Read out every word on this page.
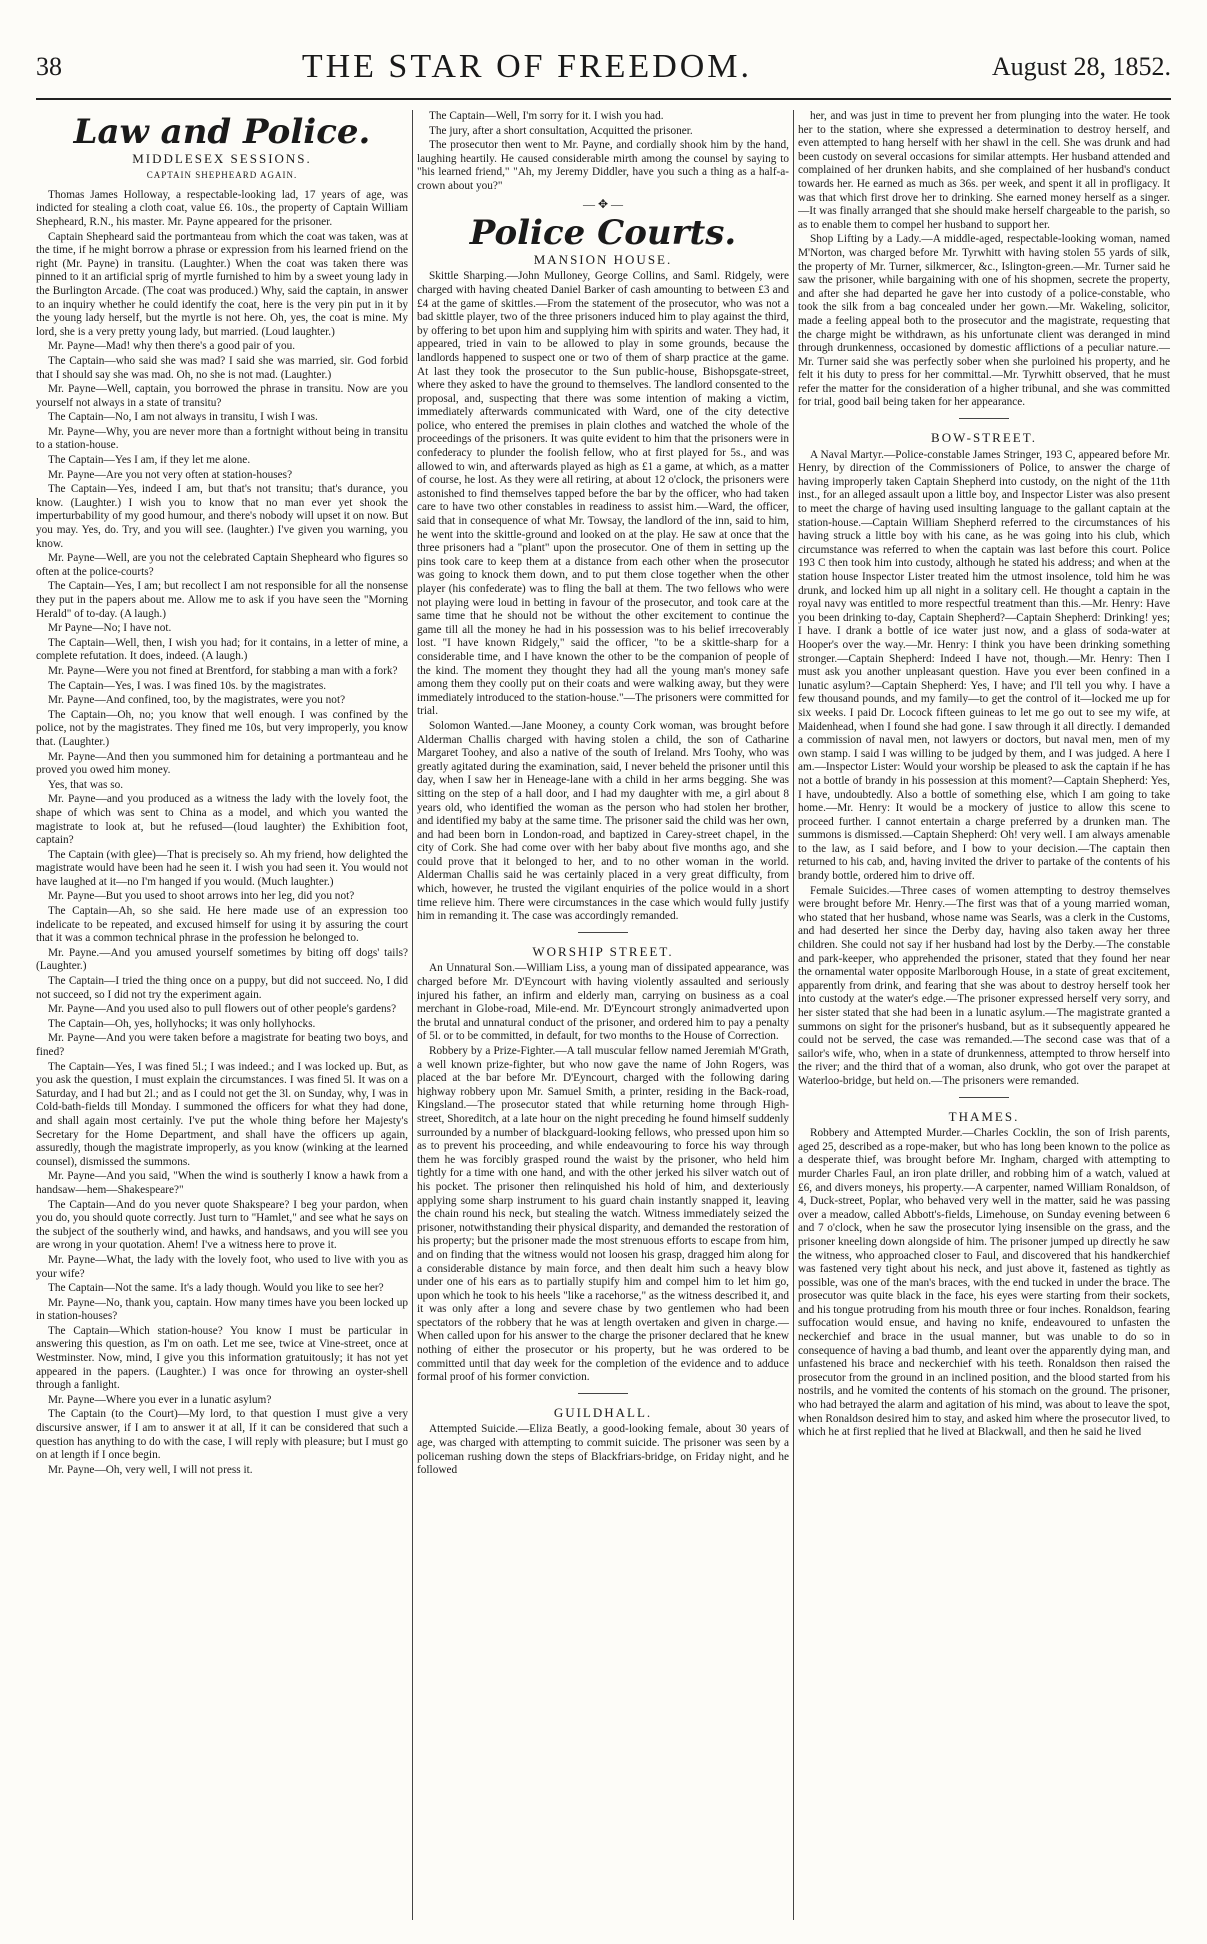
38	THE STAR OF FREEDOM.	August 28, 1852.
Law and Police.
MIDDLESEX SESSIONS.
CAPTAIN SHEPHEARD AGAIN.

Thomas James Holloway, a respectable-looking lad, 17 years of age, was indicted for stealing a cloth coat, value £6. 10s., the property of Captain William Shepheard, R.N., his master. Mr. Payne appeared for the prisoner.

Captain Shepheard said the portmanteau from which the coat was taken, was at the time, if he might borrow a phrase or expression from his learned friend on the right (Mr. Payne) in transitu. (Laughter.) When the coat was taken there was pinned to it an artificial sprig of myrtle furnished to him by a sweet young lady in the Burlington Arcade. (The coat was produced.) Why, said the captain, in answer to an inquiry whether he could identify the coat, here is the very pin put in it by the young lady herself, but the myrtle is not here. Oh, yes, the coat is mine. My lord, she is a very pretty young lady, but married. (Loud laughter.)

Mr. Payne—Mad! why then there's a good pair of you.

The Captain—who said she was mad? I said she was married, sir. God forbid that I should say she was mad. Oh, no she is not mad. (Laughter.)

Mr. Payne—Well, captain, you borrowed the phrase in transitu. Now are you yourself not always in a state of transitu?

The Captain—No, I am not always in transitu, I wish I was.

Mr. Payne—Why, you are never more than a fortnight without being in transitu to a station-house.

The Captain—Yes I am, if they let me alone.

Mr. Payne—Are you not very often at station-houses?

The Captain—Yes, indeed I am, but that's not transitu; that's durance, you know. (Laughter.) I wish you to know that no man ever yet shook the imperturbability of my good humour, and there's nobody will upset it on now. But you may. Yes, do. Try, and you will see. (laughter.) I've given you warning, you know.

Mr. Payne—Well, are you not the celebrated Captain Shepheard who figures so often at the police-courts?

The Captain—Yes, I am; but recollect I am not responsible for all the nonsense they put in the papers about me. Allow me to ask if you have seen the "Morning Herald" of to-day. (A laugh.)

Mr Payne—No; I have not.

The Captain—Well, then, I wish you had; for it contains, in a letter of mine, a complete refutation. It does, indeed. (A laugh.)

Mr. Payne—Were you not fined at Brentford, for stabbing a man with a fork?

The Captain—Yes, I was. I was fined 10s. by the magistrates.

Mr. Payne—And confined, too, by the magistrates, were you not?

The Captain—Oh, no; you know that well enough. I was confined by the police, not by the magistrates. They fined me 10s, but very improperly, you know that. (Laughter.)

Mr. Payne—And then you summoned him for detaining a portmanteau and he proved you owed him money.

Yes, that was so.

Mr. Payne—and you produced as a witness the lady with the lovely foot, the shape of which was sent to China as a model, and which you wanted the magistrate to look at, but he refused—(loud laughter) the Exhibition foot, captain?

The Captain (with glee)—That is precisely so. Ah my friend, how delighted the magistrate would have been had he seen it. I wish you had seen it. You would not have laughed at it—no I'm hanged if you would. (Much laughter.)

Mr. Payne—But you used to shoot arrows into her leg, did you not?

The Captain—Ah, so she said. He here made use of an expression too indelicate to be repeated, and excused himself for using it by assuring the court that it was a common technical phrase in the profession he belonged to.

Mr. Payne.—And you amused yourself sometimes by biting off dogs' tails? (Laughter.)

The Captain—I tried the thing once on a puppy, but did not succeed. No, I did not succeed, so I did not try the experiment again.

Mr. Payne—And you used also to pull flowers out of other people's gardens?

The Captain—Oh, yes, hollyhocks; it was only hollyhocks.

Mr. Payne—And you were taken before a magistrate for beating two boys, and fined?

The Captain—Yes, I was fined 5l.; I was indeed.; and I was locked up. But, as you ask the question, I must explain the circumstances. I was fined 5l. It was on a Saturday, and I had but 2l.; and as I could not get the 3l. on Sunday, why, I was in Cold-bath-fields till Monday. I summoned the officers for what they had done, and shall again most certainly. I've put the whole thing before her Majesty's Secretary for the Home Department, and shall have the officers up again, assuredly, though the magistrate improperly, as you know (winking at the learned counsel), dismissed the summons.

Mr. Payne—And you said, "When the wind is southerly I know a hawk from a handsaw—hem—Shakespeare?"

The Captain—And do you never quote Shakspeare? I beg your pardon, when you do, you should quote correctly. Just turn to "Hamlet," and see what he says on the subject of the southerly wind, and hawks, and handsaws, and you will see you are wrong in your quotation. Ahem! I've a witness here to prove it.

Mr. Payne—What, the lady with the lovely foot, who used to live with you as your wife?

The Captain—Not the same. It's a lady though. Would you like to see her?

Mr. Payne—No, thank you, captain. How many times have you been locked up in station-houses?

The Captain—Which station-house? You know I must be particular in answering this question, as I'm on oath. Let me see, twice at Vine-street, once at Westminster. Now, mind, I give you this information gratuitously; it has not yet appeared in the papers. (Laughter.) I was once for throwing an oyster-shell through a fanlight.

Mr. Payne—Where you ever in a lunatic asylum?

The Captain (to the Court)—My lord, to that question I must give a very discursive answer, if I am to answer it at all, If it can be considered that such a question has anything to do with the case, I will reply with pleasure; but I must go on at length if I once begin.

Mr. Payne—Oh, very well, I will not press it.

The Captain—Well, I'm sorry for it. I wish you had.

The jury, after a short consultation, Acquitted the prisoner.

The prosecutor then went to Mr. Payne, and cordially shook him by the hand, laughing heartily. He caused considerable mirth among the counsel by saying to "his learned friend," "Ah, my Jeremy Diddler, have you such a thing as a half-a-crown about you?"

— ✥ —
Police Courts.
MANSION HOUSE.

Skittle Sharping.—John Mulloney, George Collins, and Saml. Ridgely, were charged with having cheated Daniel Barker of cash amounting to between £3 and £4 at the game of skittles.—From the statement of the prosecutor, who was not a bad skittle player, two of the three prisoners induced him to play against the third, by offering to bet upon him and supplying him with spirits and water. They had, it appeared, tried in vain to be allowed to play in some grounds, because the landlords happened to suspect one or two of them of sharp practice at the game. At last they took the prosecutor to the Sun public-house, Bishopsgate-street, where they asked to have the ground to themselves. The landlord consented to the proposal, and, suspecting that there was some intention of making a victim, immediately afterwards communicated with Ward, one of the city detective police, who entered the premises in plain clothes and watched the whole of the proceedings of the prisoners. It was quite evident to him that the prisoners were in confederacy to plunder the foolish fellow, who at first played for 5s., and was allowed to win, and afterwards played as high as £1 a game, at which, as a matter of course, he lost. As they were all retiring, at about 12 o'clock, the prisoners were astonished to find themselves tapped before the bar by the officer, who had taken care to have two other constables in readiness to assist him.—Ward, the officer, said that in consequence of what Mr. Towsay, the landlord of the inn, said to him, he went into the skittle-ground and looked on at the play. He saw at once that the three prisoners had a "plant" upon the prosecutor. One of them in setting up the pins took care to keep them at a distance from each other when the prosecutor was going to knock them down, and to put them close together when the other player (his confederate) was to fling the ball at them. The two fellows who were not playing were loud in betting in favour of the prosecutor, and took care at the same time that he should not be without the other excitement to continue the game till all the money he had in his possession was to his belief irrecoverably lost. "I have known Ridgely," said the officer, "to be a skittle-sharp for a considerable time, and I have known the other to be the companion of people of the kind. The moment they thought they had all the young man's money safe among them they coolly put on their coats and were walking away, but they were immediately introduced to the station-house."—The prisoners were committed for trial.

Solomon Wanted.—Jane Mooney, a county Cork woman, was brought before Alderman Challis charged with having stolen a child, the son of Catharine Margaret Toohey, and also a native of the south of Ireland. Mrs Toohy, who was greatly agitated during the examination, said, I never beheld the prisoner until this day, when I saw her in Heneage-lane with a child in her arms begging. She was sitting on the step of a hall door, and I had my daughter with me, a girl about 8 years old, who identified the woman as the person who had stolen her brother, and identified my baby at the same time. The prisoner said the child was her own, and had been born in London-road, and baptized in Carey-street chapel, in the city of Cork. She had come over with her baby about five months ago, and she could prove that it belonged to her, and to no other woman in the world. Alderman Challis said he was certainly placed in a very great difficulty, from which, however, he trusted the vigilant enquiries of the police would in a short time relieve him. There were circumstances in the case which would fully justify him in remanding it. The case was accordingly remanded.

WORSHIP STREET.

An Unnatural Son.—William Liss, a young man of dissipated appearance, was charged before Mr. D'Eyncourt with having violently assaulted and seriously injured his father, an infirm and elderly man, carrying on business as a coal merchant in Globe-road, Mile-end. Mr. D'Eyncourt strongly animadverted upon the brutal and unnatural conduct of the prisoner, and ordered him to pay a penalty of 5l. or to be committed, in default, for two months to the House of Correction.

Robbery by a Prize-Fighter.—A tall muscular fellow named Jeremiah M'Grath, a well known prize-fighter, but who now gave the name of John Rogers, was placed at the bar before Mr. D'Eyncourt, charged with the following daring highway robbery upon Mr. Samuel Smith, a printer, residing in the Back-road, Kingsland.—The prosecutor stated that while returning home through High-street, Shoreditch, at a late hour on the night preceding he found himself suddenly surrounded by a number of blackguard-looking fellows, who pressed upon him so as to prevent his proceeding, and while endeavouring to force his way through them he was forcibly grasped round the waist by the prisoner, who held him tightly for a time with one hand, and with the other jerked his silver watch out of his pocket. The prisoner then relinquished his hold of him, and dexteriously applying some sharp instrument to his guard chain instantly snapped it, leaving the chain round his neck, but stealing the watch. Witness immediately seized the prisoner, notwithstanding their physical disparity, and demanded the restoration of his property; but the prisoner made the most strenuous efforts to escape from him, and on finding that the witness would not loosen his grasp, dragged him along for a considerable distance by main force, and then dealt him such a heavy blow under one of his ears as to partially stupify him and compel him to let him go, upon which he took to his heels "like a racehorse," as the witness described it, and it was only after a long and severe chase by two gentlemen who had been spectators of the robbery that he was at length overtaken and given in charge.—When called upon for his answer to the charge the prisoner declared that he knew nothing of either the prosecutor or his property, but he was ordered to be committed until that day week for the completion of the evidence and to adduce formal proof of his former conviction.

GUILDHALL.

Attempted Suicide.—Eliza Beatly, a good-looking female, about 30 years of age, was charged with attempting to commit suicide. The prisoner was seen by a policeman rushing down the steps of Blackfriars-bridge, on Friday night, and he followed

her, and was just in time to prevent her from plunging into the water. He took her to the station, where she expressed a determination to destroy herself, and even attempted to hang herself with her shawl in the cell. She was drunk and had been custody on several occasions for similar attempts. Her husband attended and complained of her drunken habits, and she complained of her husband's conduct towards her. He earned as much as 36s. per week, and spent it all in profligacy. It was that which first drove her to drinking. She earned money herself as a singer.—It was finally arranged that she should make herself chargeable to the parish, so as to enable them to compel her husband to support her.

Shop Lifting by a Lady.—A middle-aged, respectable-looking woman, named M'Norton, was charged before Mr. Tyrwhitt with having stolen 55 yards of silk, the property of Mr. Turner, silkmercer, &c., Islington-green.—Mr. Turner said he saw the prisoner, while bargaining with one of his shopmen, secrete the property, and after she had departed he gave her into custody of a police-constable, who took the silk from a bag concealed under her gown.—Mr. Wakeling, solicitor, made a feeling appeal both to the prosecutor and the magistrate, requesting that the charge might be withdrawn, as his unfortunate client was deranged in mind through drunkenness, occasioned by domestic afflictions of a peculiar nature.—Mr. Turner said she was perfectly sober when she purloined his property, and he felt it his duty to press for her committal.—Mr. Tyrwhitt observed, that he must refer the matter for the consideration of a higher tribunal, and she was committed for trial, good bail being taken for her appearance.

BOW-STREET.

A Naval Martyr.—Police-constable James Stringer, 193 C, appeared before Mr. Henry, by direction of the Commissioners of Police, to answer the charge of having improperly taken Captain Shepherd into custody, on the night of the 11th inst., for an alleged assault upon a little boy, and Inspector Lister was also present to meet the charge of having used insulting language to the gallant captain at the station-house.—Captain William Shepherd referred to the circumstances of his having struck a little boy with his cane, as he was going into his club, which circumstance was referred to when the captain was last before this court. Police 193 C then took him into custody, although he stated his address; and when at the station house Inspector Lister treated him the utmost insolence, told him he was drunk, and locked him up all night in a solitary cell. He thought a captain in the royal navy was entitled to more respectful treatment than this.—Mr. Henry: Have you been drinking to-day, Captain Shepherd?—Captain Shepherd: Drinking! yes; I have. I drank a bottle of ice water just now, and a glass of soda-water at Hooper's over the way.—Mr. Henry: I think you have been drinking something stronger.—Captain Shepherd: Indeed I have not, though.—Mr. Henry: Then I must ask you another unpleasant question. Have you ever been confined in a lunatic asylum?—Captain Shepherd: Yes, I have; and I'll tell you why. I have a few thousand pounds, and my family—to get the control of it—locked me up for six weeks. I paid Dr. Locock fifteen guineas to let me go out to see my wife, at Maidenhead, when I found she had gone. I saw through it all directly. I demanded a commission of naval men, not lawyers or doctors, but naval men, men of my own stamp. I said I was willing to be judged by them, and I was judged. A here I am.—Inspector Lister: Would your worship be pleased to ask the captain if he has not a bottle of brandy in his possession at this moment?—Captain Shepherd: Yes, I have, undoubtedly. Also a bottle of something else, which I am going to take home.—Mr. Henry: It would be a mockery of justice to allow this scene to proceed further. I cannot entertain a charge preferred by a drunken man. The summons is dismissed.—Captain Shepherd: Oh! very well. I am always amenable to the law, as I said before, and I bow to your decision.—The captain then returned to his cab, and, having invited the driver to partake of the contents of his brandy bottle, ordered him to drive off.

Female Suicides.—Three cases of women attempting to destroy themselves were brought before Mr. Henry.—The first was that of a young married woman, who stated that her husband, whose name was Searls, was a clerk in the Customs, and had deserted her since the Derby day, having also taken away her three children. She could not say if her husband had lost by the Derby.—The constable and park-keeper, who apprehended the prisoner, stated that they found her near the ornamental water opposite Marlborough House, in a state of great excitement, apparently from drink, and fearing that she was about to destroy herself took her into custody at the water's edge.—The prisoner expressed herself very sorry, and her sister stated that she had been in a lunatic asylum.—The magistrate granted a summons on sight for the prisoner's husband, but as it subsequently appeared he could not be served, the case was remanded.—The second case was that of a sailor's wife, who, when in a state of drunkenness, attempted to throw herself into the river; and the third that of a woman, also drunk, who got over the parapet at Waterloo-bridge, but held on.—The prisoners were remanded.

THAMES.

Robbery and Attempted Murder.—Charles Cocklin, the son of Irish parents, aged 25, described as a rope-maker, but who has long been known to the police as a desperate thief, was brought before Mr. Ingham, charged with attempting to murder Charles Faul, an iron plate driller, and robbing him of a watch, valued at £6, and divers moneys, his property.—A carpenter, named William Ronaldson, of 4, Duck-street, Poplar, who behaved very well in the matter, said he was passing over a meadow, called Abbott's-fields, Limehouse, on Sunday evening between 6 and 7 o'clock, when he saw the prosecutor lying insensible on the grass, and the prisoner kneeling down alongside of him. The prisoner jumped up directly he saw the witness, who approached closer to Faul, and discovered that his handkerchief was fastened very tight about his neck, and just above it, fastened as tightly as possible, was one of the man's braces, with the end tucked in under the brace. The prosecutor was quite black in the face, his eyes were starting from their sockets, and his tongue protruding from his mouth three or four inches. Ronaldson, fearing suffocation would ensue, and having no knife, endeavoured to unfasten the neckerchief and brace in the usual manner, but was unable to do so in consequence of having a bad thumb, and leant over the apparently dying man, and unfastened his brace and neckerchief with his teeth. Ronaldson then raised the prosecutor from the ground in an inclined position, and the blood started from his nostrils, and he vomited the contents of his stomach on the ground. The prisoner, who had betrayed the alarm and agitation of his mind, was about to leave the spot, when Ronaldson desired him to stay, and asked him where the prosecutor lived, to which he at first replied that he lived at Blackwall, and then he said he lived
